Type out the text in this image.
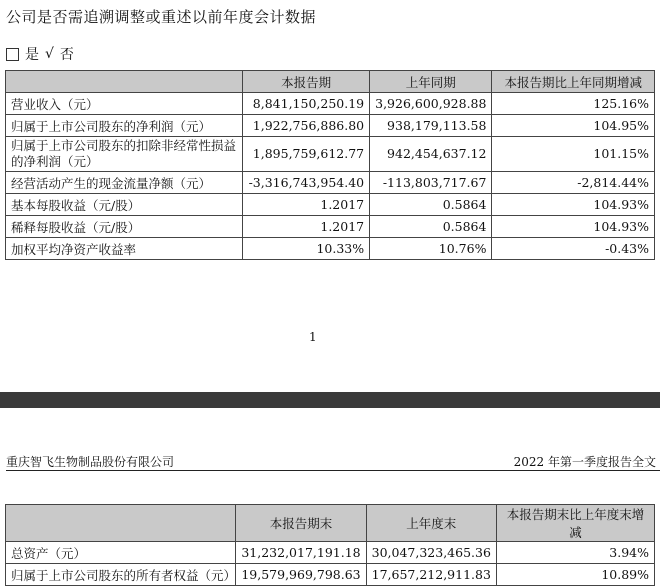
公司是否需追溯调整或重述以前年度会计数据
是 √ 否
	本报告期	上年同期	本报告期比上年同期增减
营业收入（元）	8,841,150,250.19	3,926,600,928.88	125.16%
归属于上市公司股东的净利润（元）	1,922,756,886.80	938,179,113.58	104.95%
归属于上市公司股东的扣除非经常性损益的净利润（元）	1,895,759,612.77	942,454,637.12	101.15%
经营活动产生的现金流量净额（元）	-3,316,743,954.40	-113,803,717.67	-2,814.44%
基本每股收益（元/股）	1.2017	0.5864	104.93%
稀释每股收益（元/股）	1.2017	0.5864	104.93%
加权平均净资产收益率	10.33%	10.76%	-0.43%
1
重庆智飞生物制品股份有限公司	2022 年第一季度报告全文
	本报告期末	上年度末	本报告期末比上年度末增减
总资产（元）	31,232,017,191.18	30,047,323,465.36	3.94%
归属于上市公司股东的所有者权益（元）	19,579,969,798.63	17,657,212,911.83	10.89%
